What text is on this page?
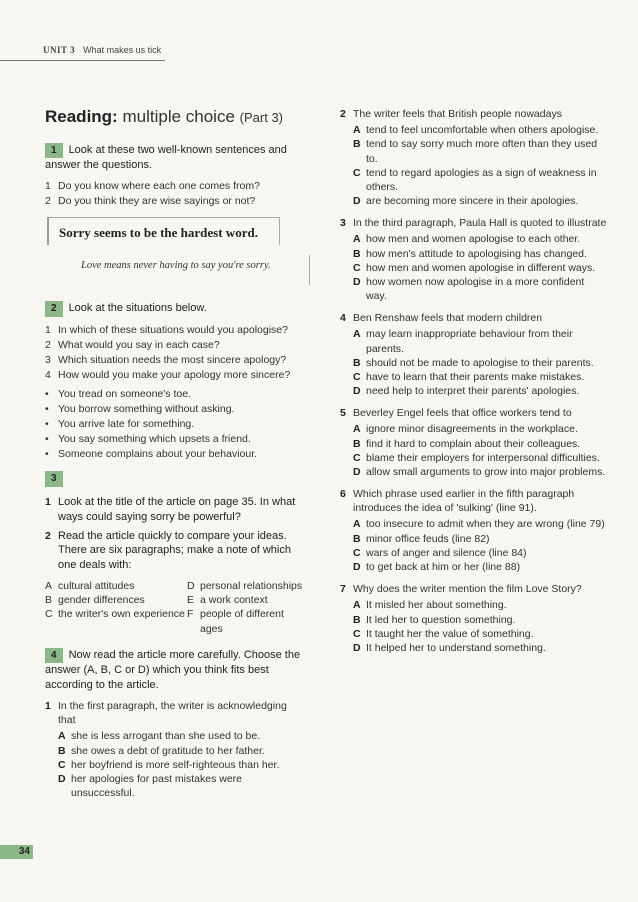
UNIT 3 What makes us tick
Reading: multiple choice (Part 3)
1 Look at these two well-known sentences and answer the questions.
1 Do you know where each one comes from?
2 Do you think they are wise sayings or not?
Sorry seems to be the hardest word.
Love means never having to say you're sorry.
2 Look at the situations below.
1 In which of these situations would you apologise?
2 What would you say in each case?
3 Which situation needs the most sincere apology?
4 How would you make your apology more sincere?
• You tread on someone's toe.
• You borrow something without asking.
• You arrive late for something.
• You say something which upsets a friend.
• Someone complains about your behaviour.
3
1 Look at the title of the article on page 35. In what ways could saying sorry be powerful?
2 Read the article quickly to compare your ideas. There are six paragraphs; make a note of which one deals with:
A cultural attitudes	D personal relationships
B gender differences	E a work context
C the writer's own experience F people of different ages
4 Now read the article more carefully. Choose the answer (A, B, C or D) which you think fits best according to the article.
1 In the first paragraph, the writer is acknowledging that
A she is less arrogant than she used to be.
B she owes a debt of gratitude to her father.
C her boyfriend is more self-righteous than her.
D her apologies for past mistakes were unsuccessful.
2 The writer feels that British people nowadays
A tend to feel uncomfortable when others apologise.
B tend to say sorry much more often than they used to.
C tend to regard apologies as a sign of weakness in others.
D are becoming more sincere in their apologies.
3 In the third paragraph, Paula Hall is quoted to illustrate
A how men and women apologise to each other.
B how men's attitude to apologising has changed.
C how men and women apologise in different ways.
D how women now apologise in a more confident way.
4 Ben Renshaw feels that modern children
A may learn inappropriate behaviour from their parents.
B should not be made to apologise to their parents.
C have to learn that their parents make mistakes.
D need help to interpret their parents' apologies.
5 Beverley Engel feels that office workers tend to
A ignore minor disagreements in the workplace.
B find it hard to complain about their colleagues.
C blame their employers for interpersonal difficulties.
D allow small arguments to grow into major problems.
6 Which phrase used earlier in the fifth paragraph introduces the idea of 'sulking' (line 91).
A too insecure to admit when they are wrong (line 79)
B minor office feuds (line 82)
C wars of anger and silence (line 84)
D to get back at him or her (line 88)
7 Why does the writer mention the film Love Story?
A It misled her about something.
B It led her to question something.
C It taught her the value of something.
D It helped her to understand something.
34
